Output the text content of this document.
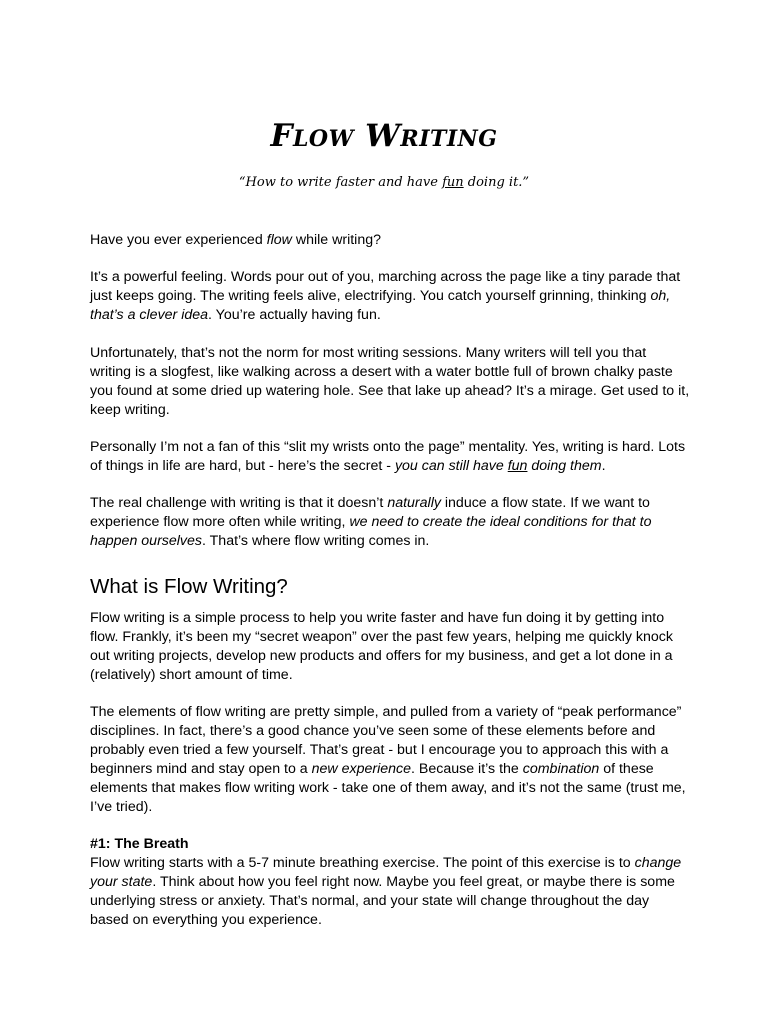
Flow Writing

“How to write faster and have fun doing it.”

Have you ever experienced flow while writing?

It’s a powerful feeling. Words pour out of you, marching across the page like a tiny parade that just keeps going. The writing feels alive, electrifying. You catch yourself grinning, thinking oh, that’s a clever idea. You’re actually having fun.

Unfortunately, that’s not the norm for most writing sessions. Many writers will tell you that writing is a slogfest, like walking across a desert with a water bottle full of brown chalky paste you found at some dried up watering hole. See that lake up ahead? It’s a mirage. Get used to it, keep writing.

Personally I’m not a fan of this “slit my wrists onto the page” mentality. Yes, writing is hard. Lots of things in life are hard, but - here’s the secret - you can still have fun doing them.

The real challenge with writing is that it doesn’t naturally induce a flow state. If we want to experience flow more often while writing, we need to create the ideal conditions for that to happen ourselves. That’s where flow writing comes in.

What is Flow Writing?

Flow writing is a simple process to help you write faster and have fun doing it by getting into flow. Frankly, it’s been my “secret weapon” over the past few years, helping me quickly knock out writing projects, develop new products and offers for my business, and get a lot done in a (relatively) short amount of time.

The elements of flow writing are pretty simple, and pulled from a variety of “peak performance” disciplines. In fact, there’s a good chance you’ve seen some of these elements before and probably even tried a few yourself. That’s great - but I encourage you to approach this with a beginners mind and stay open to a new experience. Because it’s the combination of these elements that makes flow writing work - take one of them away, and it’s not the same (trust me, I’ve tried).

#1: The Breath

Flow writing starts with a 5-7 minute breathing exercise. The point of this exercise is to change your state. Think about how you feel right now. Maybe you feel great, or maybe there is some underlying stress or anxiety. That’s normal, and your state will change throughout the day based on everything you experience.
